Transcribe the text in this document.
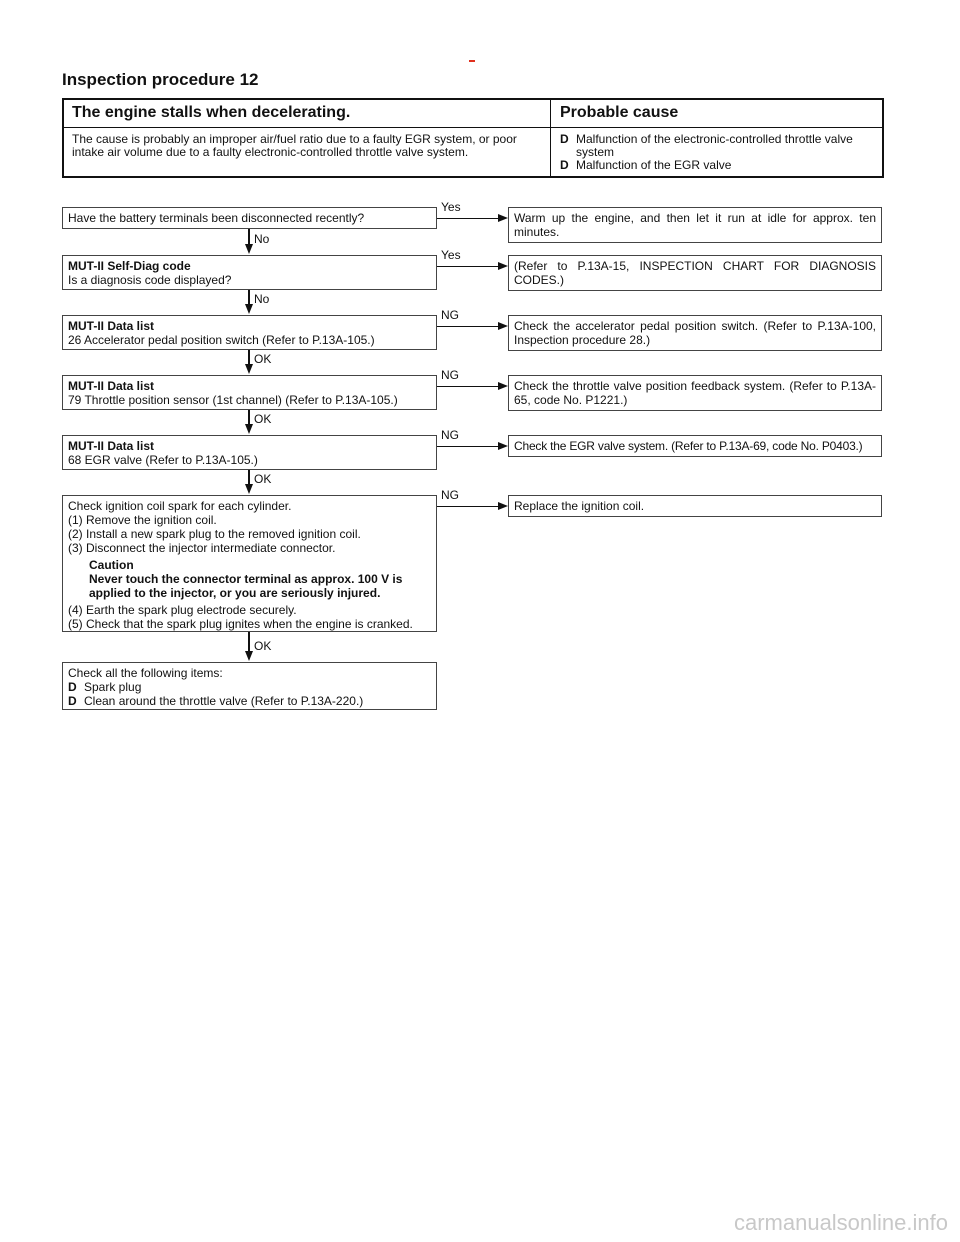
Inspection procedure 12
The engine stalls when decelerating.	Probable cause
The cause is probably an improper air/fuel ratio due to a faulty EGR system, or poor intake air volume due to a faulty electronic-controlled throttle valve system.
D Malfunction of the electronic-controlled throttle valve system
D Malfunction of the EGR valve
Have the battery terminals been disconnected recently?
Yes
Warm up the engine, and then let it run at idle for approx. ten minutes.
No
MUT-II Self-Diag code
Is a diagnosis code displayed?
Yes
(Refer to P.13A-15, INSPECTION CHART FOR DIAGNOSIS CODES.)
No
MUT-II Data list
26 Accelerator pedal position switch (Refer to P.13A-105.)
NG
Check the accelerator pedal position switch. (Refer to P.13A-100, Inspection procedure 28.)
OK
MUT-II Data list
79 Throttle position sensor (1st channel) (Refer to P.13A-105.)
NG
Check the throttle valve position feedback system. (Refer to P.13A-65, code No. P1221.)
OK
MUT-II Data list
68 EGR valve (Refer to P.13A-105.)
NG
Check the EGR valve system. (Refer to P.13A-69, code No. P0403.)
OK
Check ignition coil spark for each cylinder.
(1) Remove the ignition coil.
(2) Install a new spark plug to the removed ignition coil.
(3) Disconnect the injector intermediate connector.
Caution
Never touch the connector terminal as approx. 100 V is applied to the injector, or you are seriously injured.
(4) Earth the spark plug electrode securely.
(5) Check that the spark plug ignites when the engine is cranked.
NG
Replace the ignition coil.
OK
Check all the following items:
D Spark plug
D Clean around the throttle valve (Refer to P.13A-220.)
carmanualsonline.info
